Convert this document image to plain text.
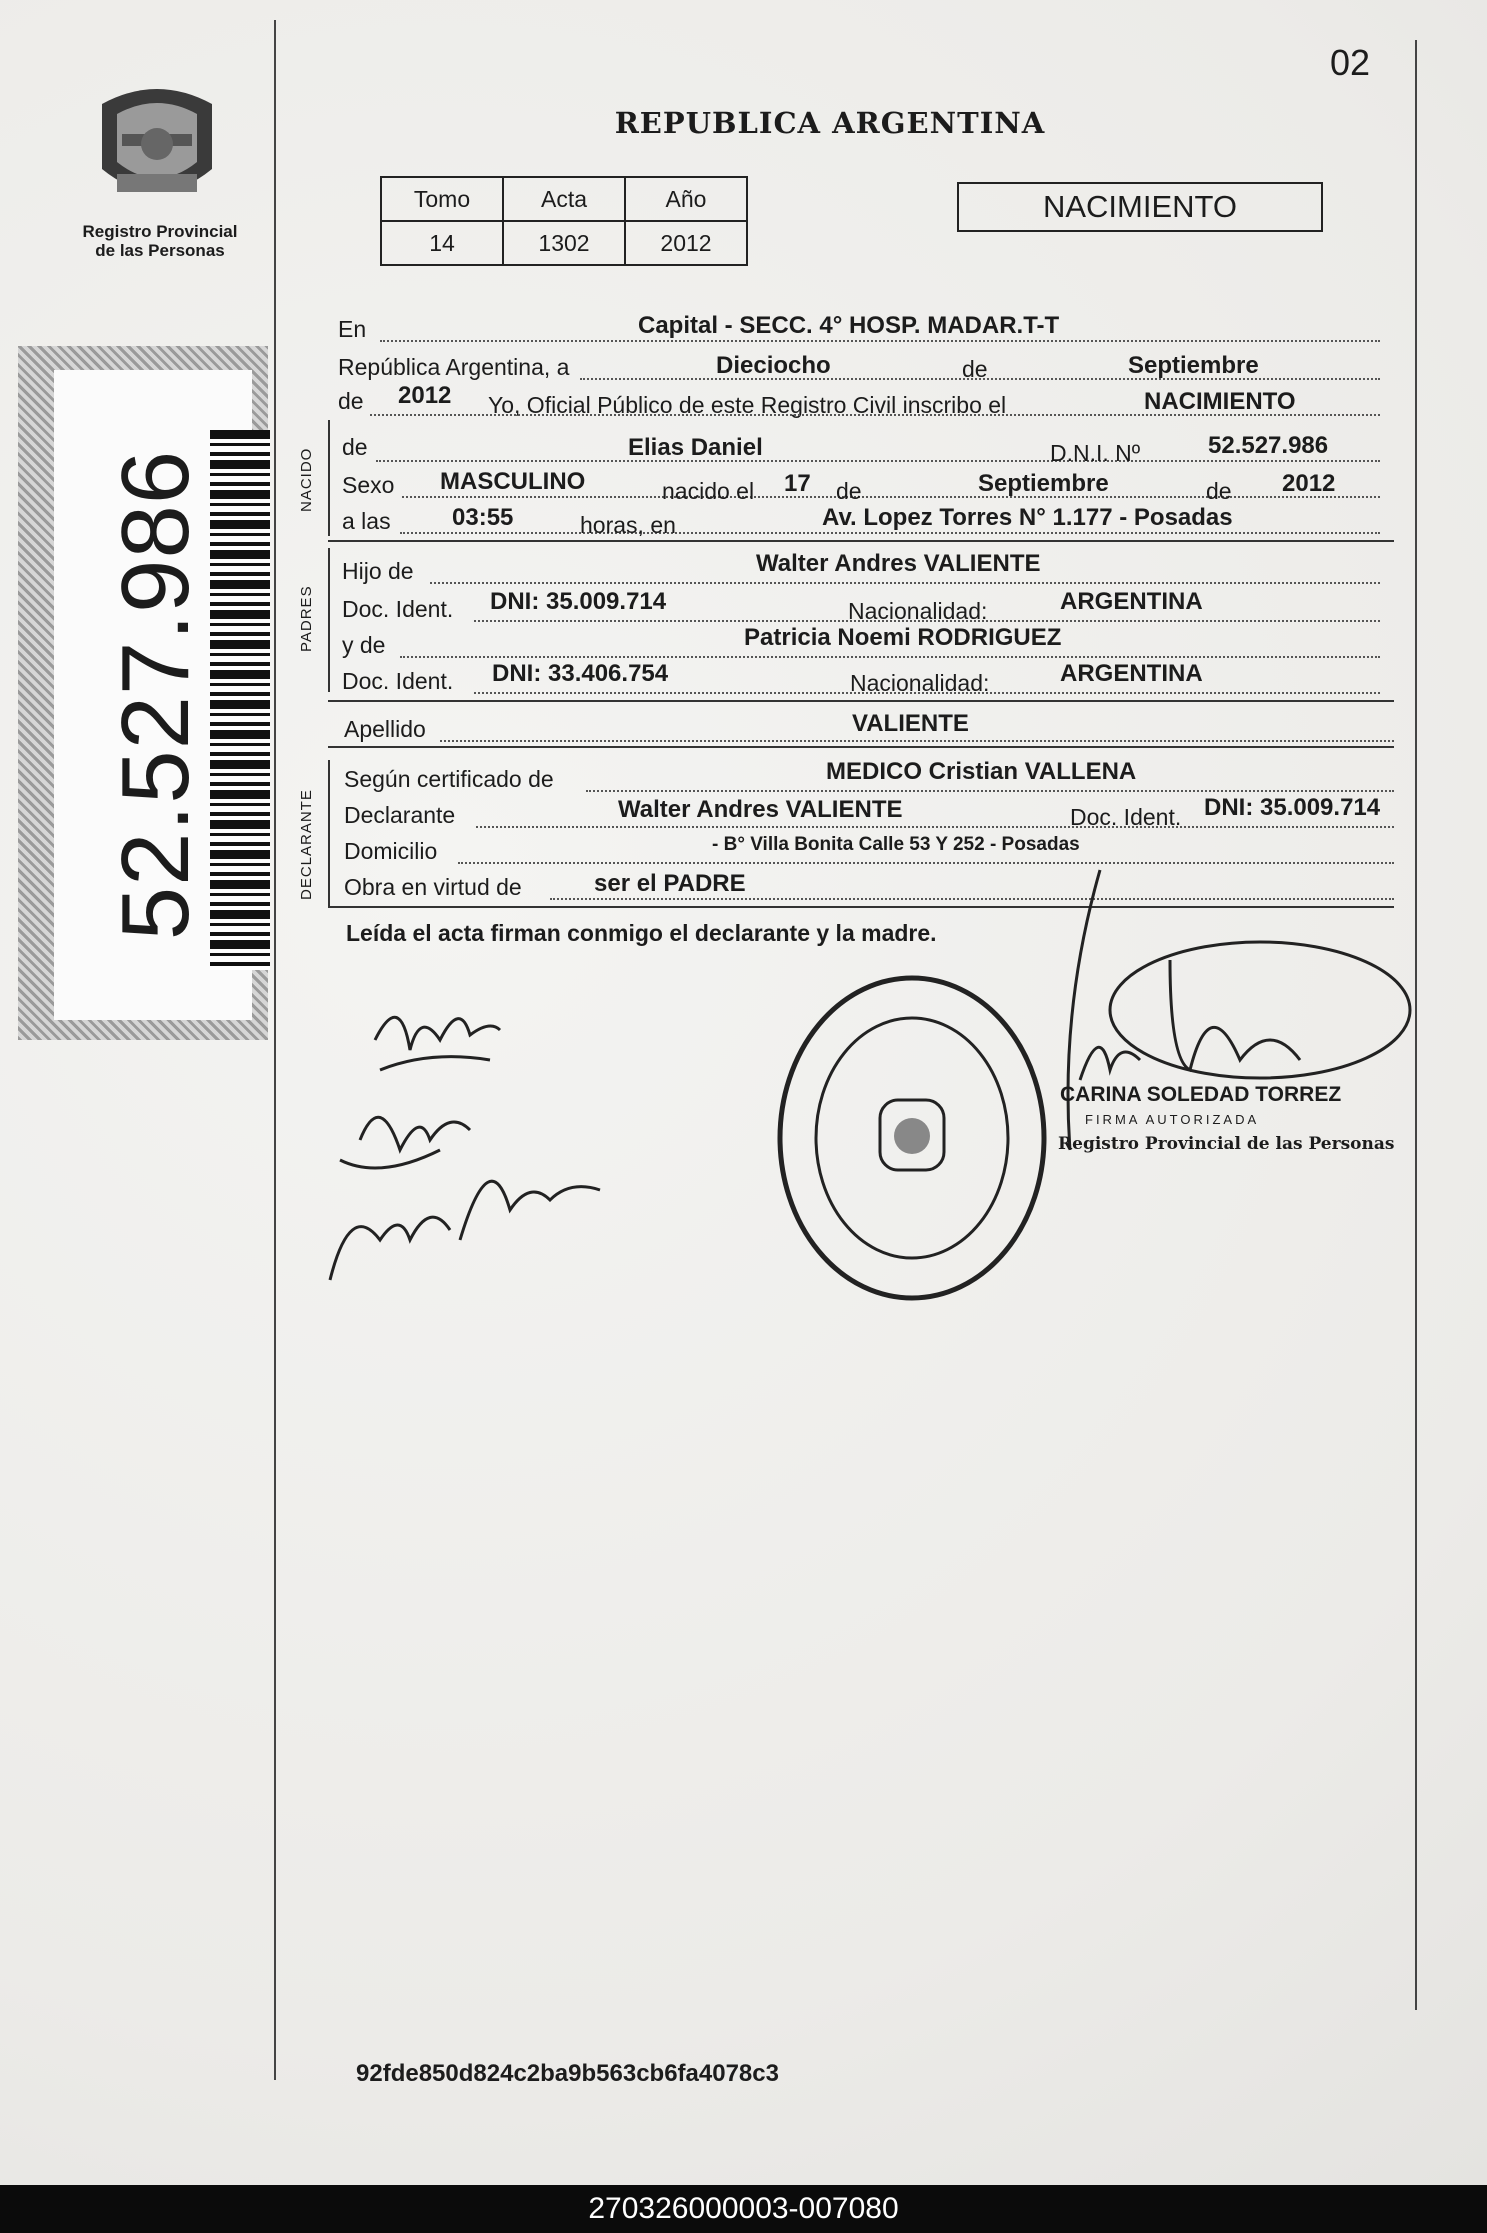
Registro Provincial
de las Personas
52.527.986
02
REPUBLICA ARGENTINA
Tomo	Acta	Año
14	1302	2012
NACIMIENTO
En	Capital - SECC. 4° HOSP. MADAR.T-T
República Argentina, a	Dieciocho	de	Septiembre
de 2012 Yo, Oficial Público de este Registro Civil inscribo el	NACIMIENTO
NACIDO
de	Elias Daniel	D.N.I. Nº	52.527.986
Sexo MASCULINO	nacido el 17 de	Septiembre	de 2012
a las	03:55	horas, en	Av. Lopez Torres N° 1.177 - Posadas
PADRES
Hijo de	Walter Andres VALIENTE
Doc. Ident. DNI: 35.009.714	Nacionalidad:	ARGENTINA
y de	Patricia Noemi RODRIGUEZ
Doc. Ident. DNI: 33.406.754	Nacionalidad:	ARGENTINA
Apellido	VALIENTE
DECLARANTE
Según certificado de	MEDICO Cristian VALLENA
Declarante	Walter Andres VALIENTE	Doc. Ident. DNI: 35.009.714
Domicilio	- B° Villa Bonita Calle 53 Y 252 - Posadas
Obra en virtud de	ser el PADRE
Leída el acta firman conmigo el declarante y la madre.
CARINA SOLEDAD TORREZ
FIRMA AUTORIZADA
Registro Provincial de las Personas
92fde850d824c2ba9b563cb6fa4078c3
270326000003-007080
